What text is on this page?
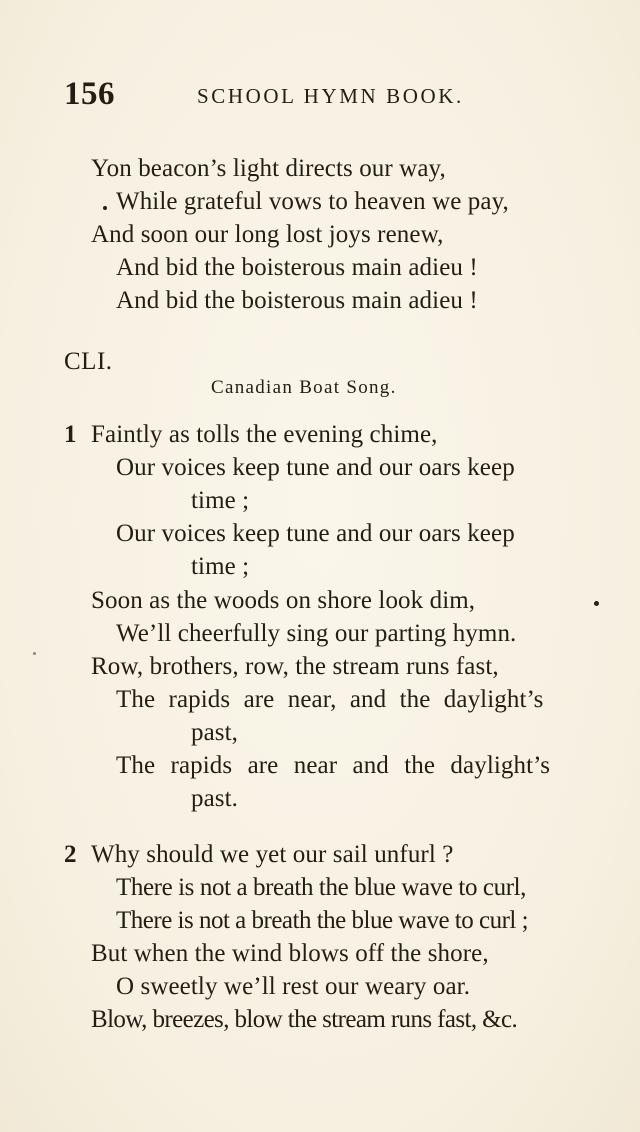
156	SCHOOL HYMN BOOK.
Yon beacon’s light directs our way,
While grateful vows to heaven we pay,
And soon our long lost joys renew,
And bid the boisterous main adieu !
And bid the boisterous main adieu !
CLI.
Canadian Boat Song.
1 Faintly as tolls the evening chime,
Our voices keep tune and our oars keep
time ;
Our voices keep tune and our oars keep
time ;
Soon as the woods on shore look dim,
We’ll cheerfully sing our parting hymn.
Row, brothers, row, the stream runs fast,
The rapids are near, and the daylight’s
past,
The rapids are near and the daylight’s
past.
2 Why should we yet our sail unfurl ?
There is not a breath the blue wave to curl,
There is not a breath the blue wave to curl ;
But when the wind blows off the shore,
O sweetly we’ll rest our weary oar.
Blow, breezes, blow the stream runs fast, &c.
